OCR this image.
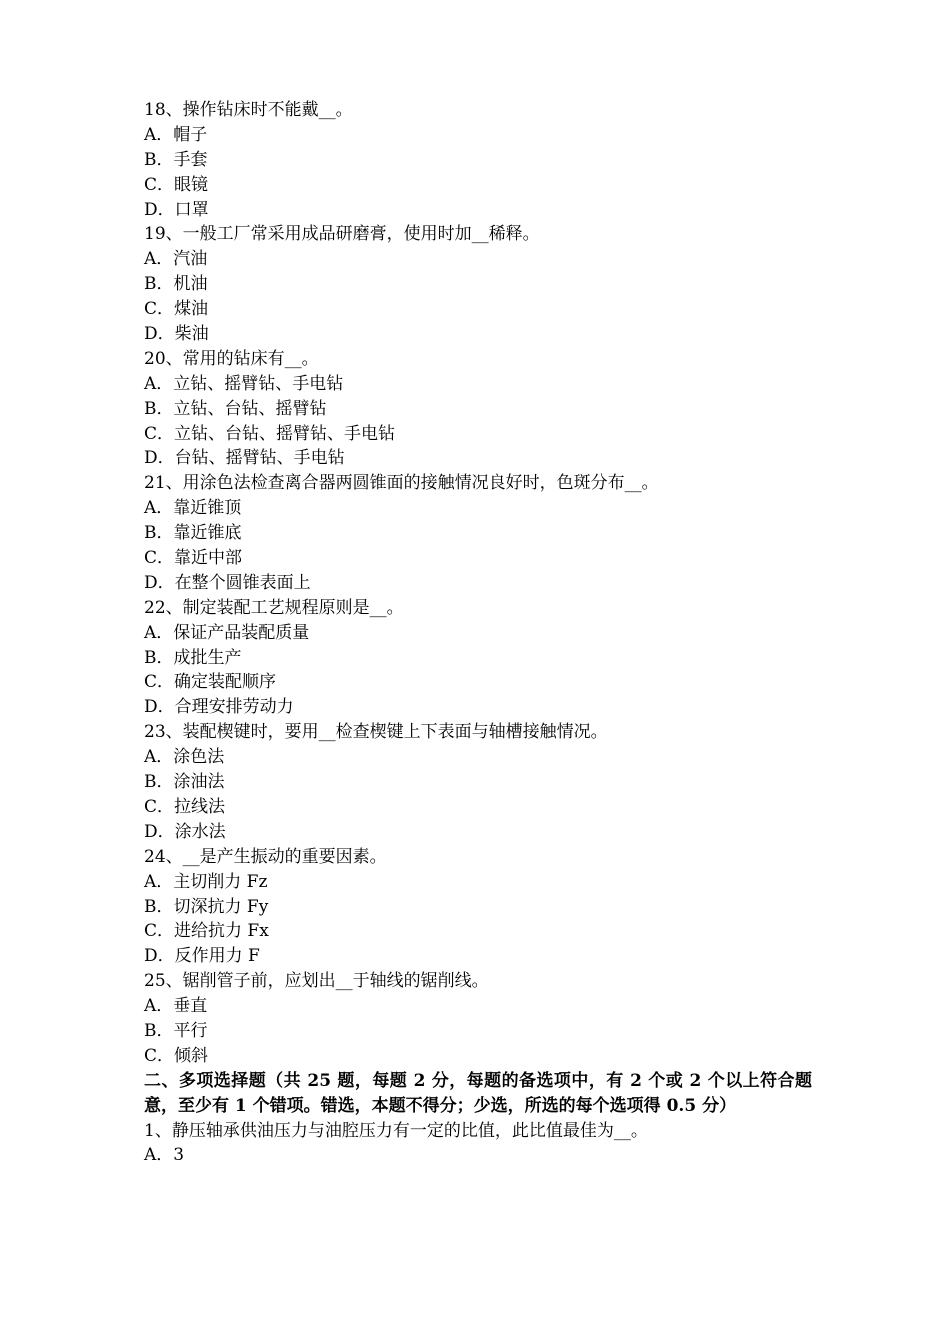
18、操作钻床时不能戴__。
A．帽子
B．手套
C．眼镜
D．口罩
19、一般工厂常采用成品研磨膏，使用时加__稀释。
A．汽油
B．机油
C．煤油
D．柴油
20、常用的钻床有__。
A．立钻、摇臂钻、手电钻
B．立钻、台钻、摇臂钻
C．立钻、台钻、摇臂钻、手电钻
D．台钻、摇臂钻、手电钻
21、用涂色法检查离合器两圆锥面的接触情况良好时，色斑分布__。
A．靠近锥顶
B．靠近锥底
C．靠近中部
D．在整个圆锥表面上
22、制定装配工艺规程原则是__。
A．保证产品装配质量
B．成批生产
C．确定装配顺序
D．合理安排劳动力
23、装配楔键时，要用__检查楔键上下表面与轴槽接触情况。
A．涂色法
B．涂油法
C．拉线法
D．涂水法
24、__是产生振动的重要因素。
A．主切削力 Fz
B．切深抗力 Fy
C．进给抗力 Fx
D．反作用力 F
25、锯削管子前，应划出__于轴线的锯削线。
A．垂直
B．平行
C．倾斜
二、多项选择题（共 25 题，每题 2 分，每题的备选项中，有 2 个或 2 个以上符合题意，至少有 1 个错项。错选，本题不得分；少选，所选的每个选项得 0.5 分）
1、静压轴承供油压力与油腔压力有一定的比值，此比值最佳为__。
A．3
